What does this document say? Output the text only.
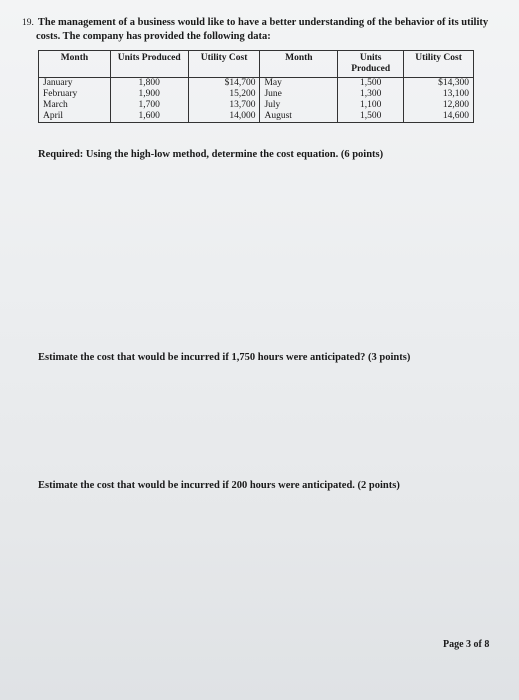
19. The management of a business would like to have a better understanding of the behavior of its utility
costs. The company has provided the following data:
Month	Units Produced	Utility Cost	Month	Units Produced	Utility Cost
January	1,800	$14,700	May	1,500	$14,300
February	1,900	15,200	June	1,300	13,100
March	1,700	13,700	July	1,100	12,800
April	1,600	14,000	August	1,500	14,600
Required: Using the high-low method, determine the cost equation. (6 points)
Estimate the cost that would be incurred if 1,750 hours were anticipated? (3 points)
Estimate the cost that would be incurred if 200 hours were anticipated. (2 points)
Page 3 of 8
